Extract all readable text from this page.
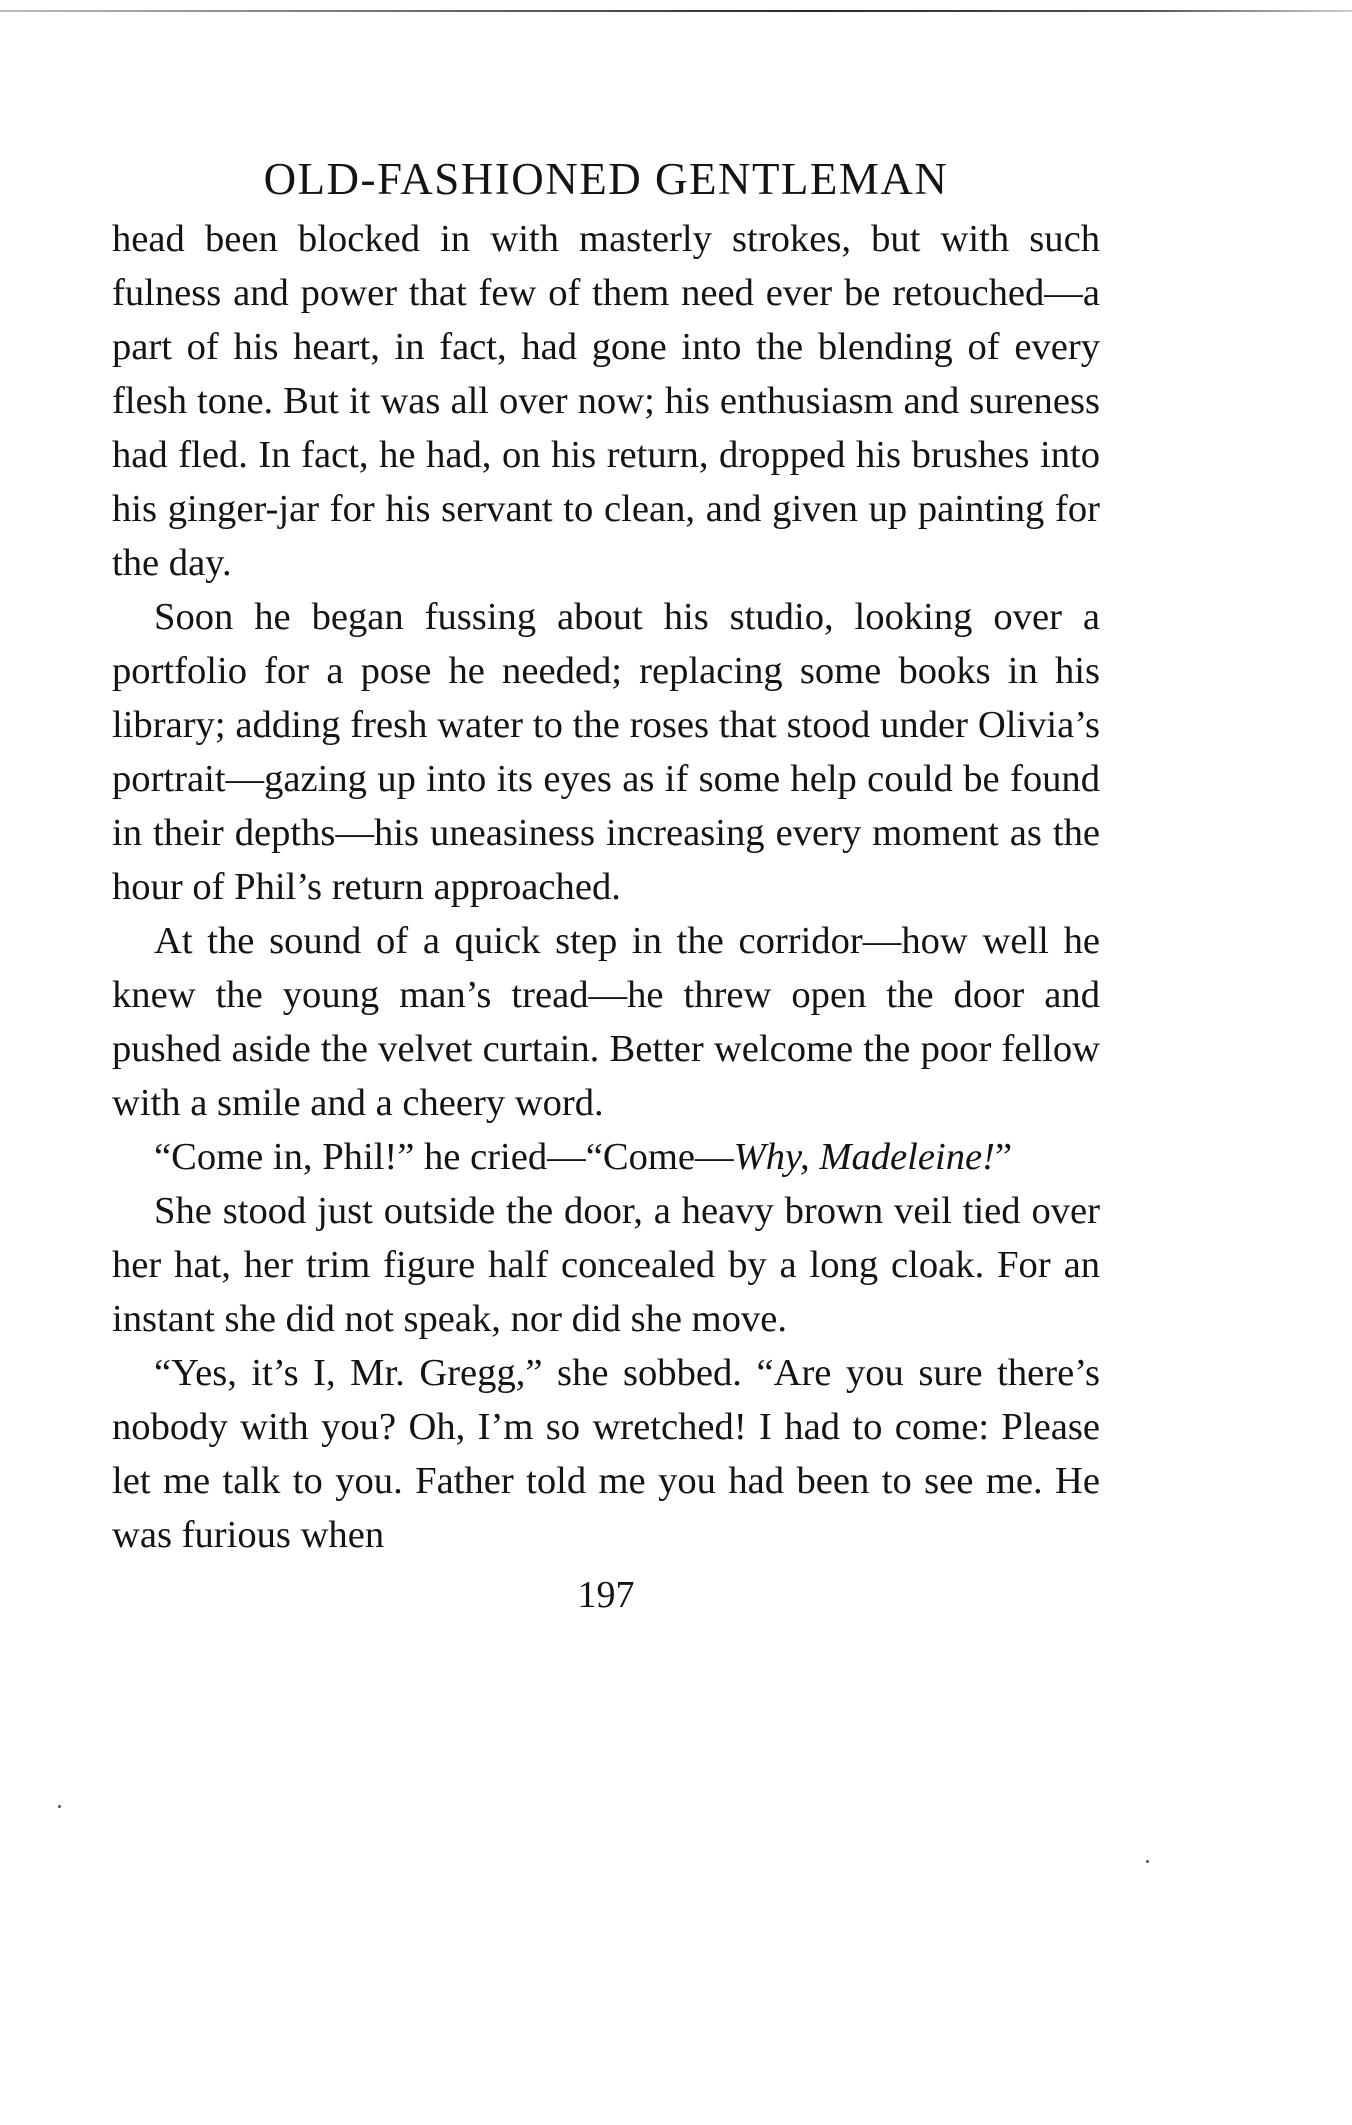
OLD-FASHIONED GENTLEMAN

head been blocked in with masterly strokes, but with such fulness and power that few of them need ever be retouched—a part of his heart, in fact, had gone into the blending of every flesh tone. But it was all over now; his enthusiasm and sureness had fled. In fact, he had, on his return, dropped his brushes into his ginger-jar for his servant to clean, and given up painting for the day.

Soon he began fussing about his studio, looking over a portfolio for a pose he needed; replacing some books in his library; adding fresh water to the roses that stood under Olivia’s portrait—gazing up into its eyes as if some help could be found in their depths—his uneasiness increasing every moment as the hour of Phil’s return approached.

At the sound of a quick step in the corridor—how well he knew the young man’s tread—he threw open the door and pushed aside the velvet curtain. Better welcome the poor fellow with a smile and a cheery word.

“Come in, Phil!” he cried—“Come—Why, Madeleine!”

She stood just outside the door, a heavy brown veil tied over her hat, her trim figure half concealed by a long cloak. For an instant she did not speak, nor did she move.

“Yes, it’s I, Mr. Gregg,” she sobbed. “Are you sure there’s nobody with you? Oh, I’m so wretched! I had to come: Please let me talk to you. Father told me you had been to see me. He was furious when

197
